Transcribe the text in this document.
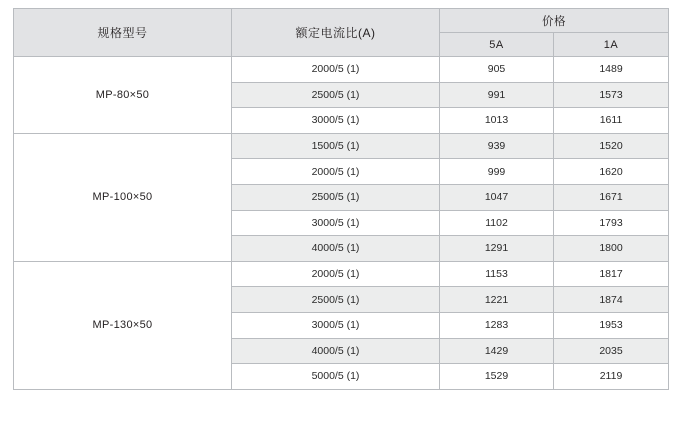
规格型号	额定电流比(A)	价格	
		5A	1A
MP-80×50	2000/5 (1)	905	1489
	2500/5 (1)	991	1573
	3000/5 (1)	1013	1611
MP-100×50	1500/5 (1)	939	1520
	2000/5 (1)	999	1620
	2500/5 (1)	1047	1671
	3000/5 (1)	1102	1793
	4000/5 (1)	1291	1800
MP-130×50	2000/5 (1)	1153	1817
	2500/5 (1)	1221	1874
	3000/5 (1)	1283	1953
	4000/5 (1)	1429	2035
	5000/5 (1)	1529	2119
